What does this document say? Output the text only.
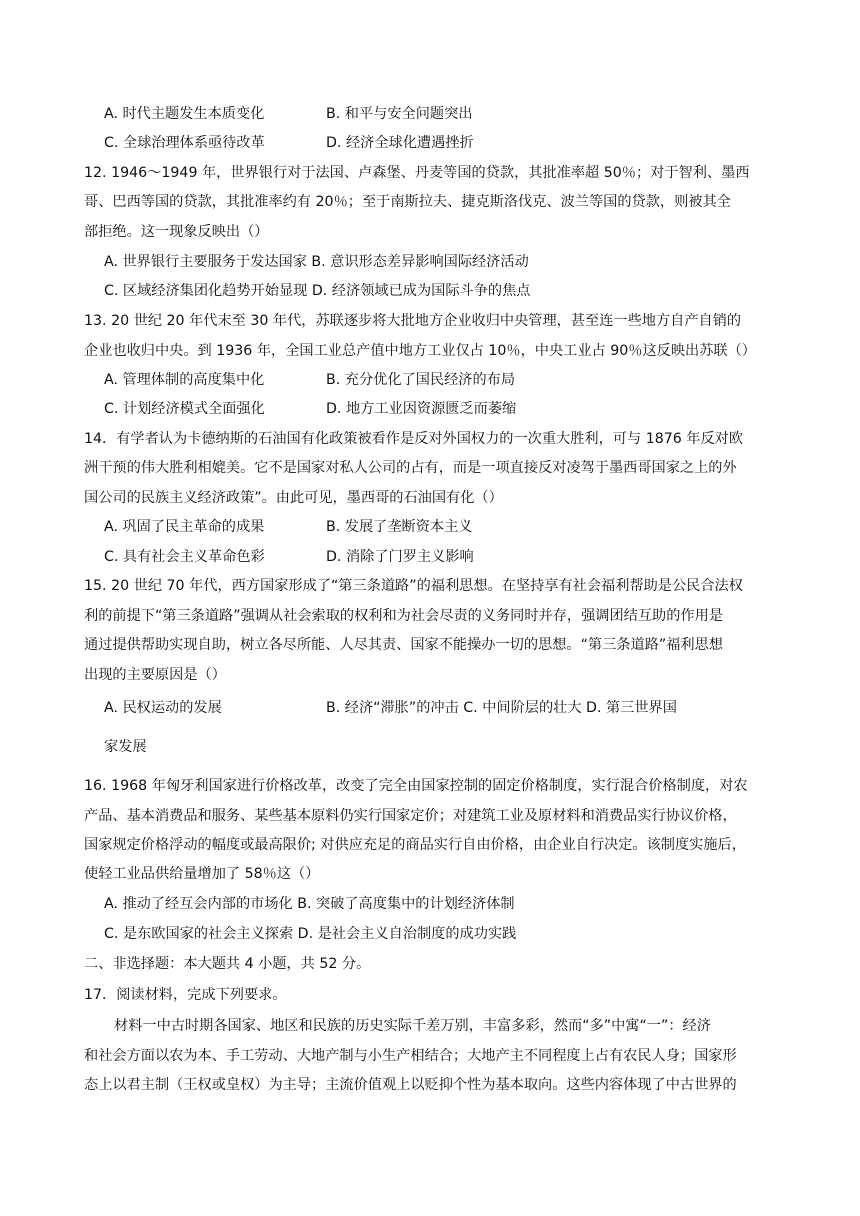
A. 时代主题发生本质变化	B. 和平与安全问题突出
C. 全球治理体系亟待改革	D. 经济全球化遭遇挫折
12. 1946～1949 年，世界银行对于法国、卢森堡、丹麦等国的贷款，其批准率超 50％；对于智利、墨西
哥、巴西等国的贷款，其批准率约有 20％；至于南斯拉夫、捷克斯洛伐克、波兰等国的贷款，则被其全
部拒绝。这一现象反映出（）
A. 世界银行主要服务于发达国家 B. 意识形态差异影响国际经济活动
C. 区域经济集团化趋势开始显现 D. 经济领域已成为国际斗争的焦点
13. 20 世纪 20 年代末至 30 年代，苏联逐步将大批地方企业收归中央管理，甚至连一些地方自产自销的
企业也收归中央。到 1936 年，全国工业总产值中地方工业仅占 10％，中央工业占 90％这反映出苏联（）
A. 管理体制的高度集中化	B. 充分优化了国民经济的布局
C. 计划经济模式全面强化	D. 地方工业因资源匮乏而萎缩
14．有学者认为卡德纳斯的石油国有化政策被看作是反对外国权力的一次重大胜利，可与 1876 年反对欧
洲干预的伟大胜利相媲美。它不是国家对私人公司的占有，而是一项直接反对凌驾于墨西哥国家之上的外
国公司的民族主义经济政策”。由此可见，墨西哥的石油国有化（）
A. 巩固了民主革命的成果	B. 发展了垄断资本主义
C. 具有社会主义革命色彩	D. 消除了门罗主义影响
15. 20 世纪 70 年代，西方国家形成了“第三条道路”的福利思想。在坚持享有社会福利帮助是公民合法权
利的前提下“第三条道路”强调从社会索取的权利和为社会尽责的义务同时并存，强调团结互助的作用是
通过提供帮助实现自助，树立各尽所能、人尽其责、国家不能操办一切的思想。“第三条道路”福利思想
出现的主要原因是（）
A. 民权运动的发展	B. 经济“滞胀”的冲击 C. 中间阶层的壮大 D. 第三世界国
家发展
16. 1968 年匈牙利国家进行价格改革，改变了完全由国家控制的固定价格制度，实行混合价格制度，对农
产品、基本消费品和服务、某些基本原料仍实行国家定价；对建筑工业及原材料和消费品实行协议价格，
国家规定价格浮动的幅度或最高限价; 对供应充足的商品实行自由价格，由企业自行决定。该制度实施后，
使轻工业品供给量增加了 58％这（）
A. 推动了经互会内部的市场化 B. 突破了高度集中的计划经济体制
C. 是东欧国家的社会主义探索 D. 是社会主义自治制度的成功实践
二、非选择题：本大题共 4 小题，共 52 分。
17．阅读材料，完成下列要求。
材料一中古时期各国家、地区和民族的历史实际千差万别，丰富多彩，然而“多”中寓“一”：经济
和社会方面以农为本、手工劳动、大地产制与小生产相结合；大地产主不同程度上占有农民人身；国家形
态上以君主制（王权或皇权）为主导；主流价值观上以贬抑个性为基本取向。这些内容体现了中古世界的
